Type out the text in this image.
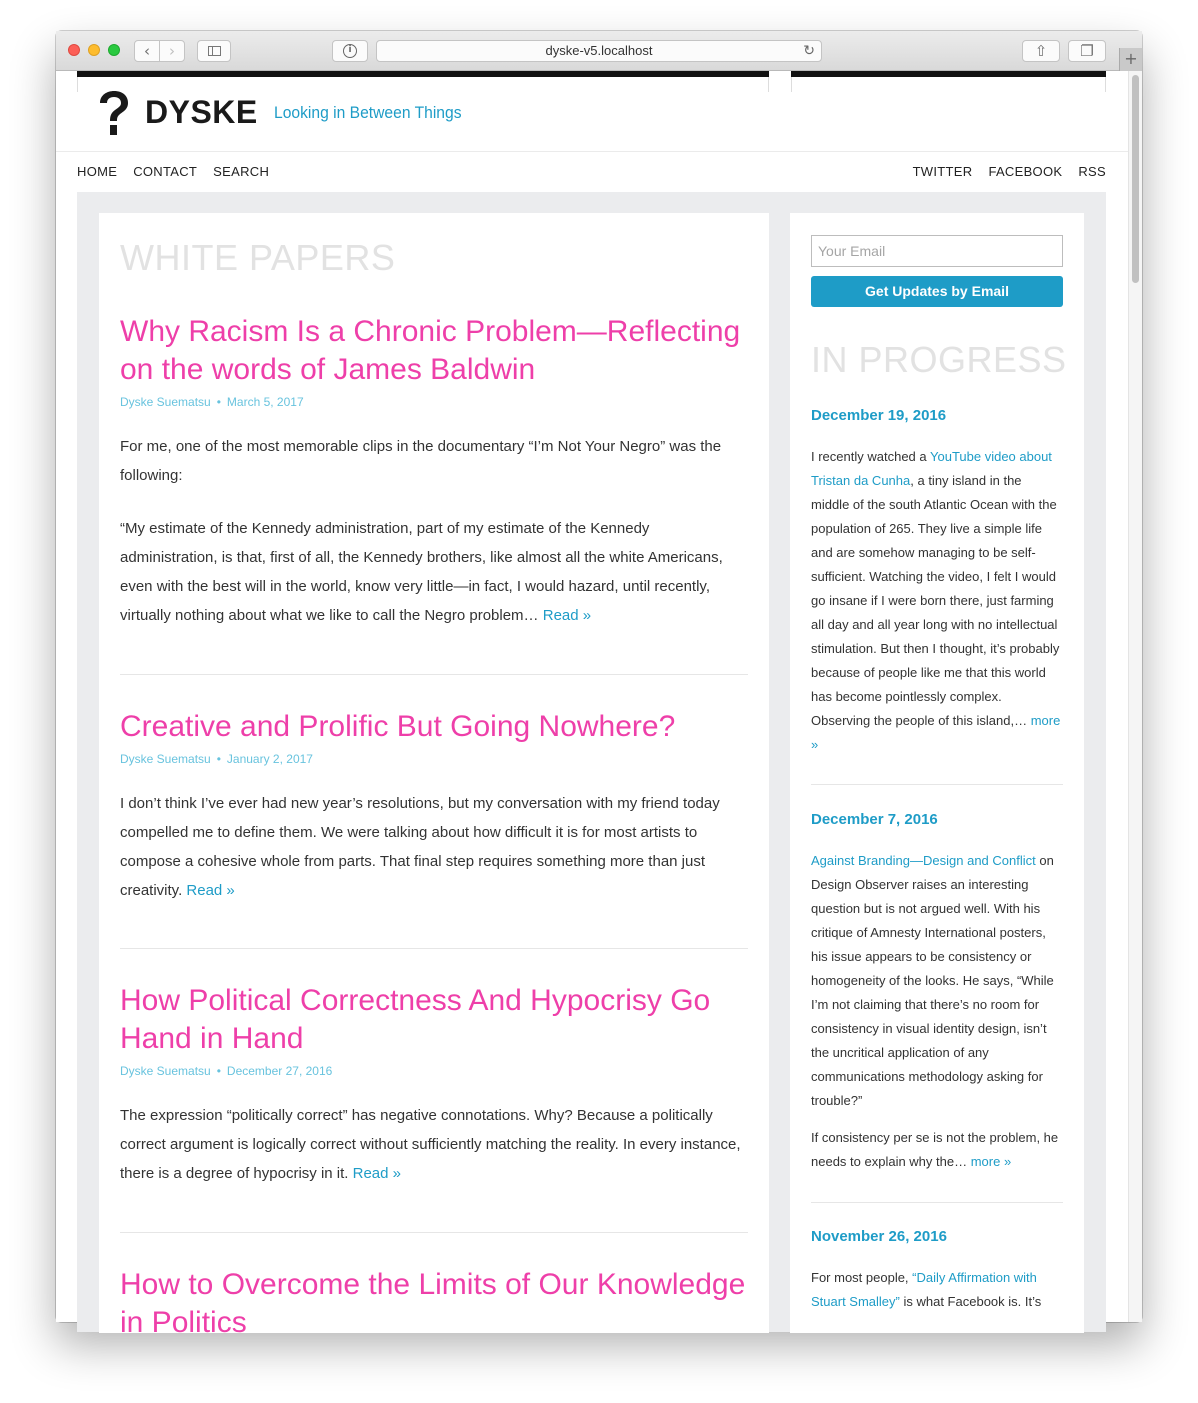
‹	›	i	dyske-v5.localhost	↻	⇧	❐	+
DYSKE Looking in Between Things
HOME CONTACT SEARCH	TWITTER FACEBOOK RSS
WHITE PAPERS
Why Racism Is a Chronic Problem—Reflecting on the words of James Baldwin
Dyske Suematsu • March 5, 2017

For me, one of the most memorable clips in the documentary “I’m Not Your Negro” was the following:

“My estimate of the Kennedy administration, part of my estimate of the Kennedy administration, is that, first of all, the Kennedy brothers, like almost all the white Americans, even with the best will in the world, know very little—in fact, I would hazard, until recently, virtually nothing about what we like to call the Negro problem… Read »

Creative and Prolific But Going Nowhere?
Dyske Suematsu • January 2, 2017

I don’t think I’ve ever had new year’s resolutions, but my conversation with my friend today compelled me to define them. We were talking about how difficult it is for most artists to compose a cohesive whole from parts. That final step requires something more than just creativity. Read »

How Political Correctness And Hypocrisy Go Hand in Hand
Dyske Suematsu • December 27, 2016

The expression “politically correct” has negative connotations. Why? Because a politically correct argument is logically correct without sufficiently matching the reality. In every instance, there is a degree of hypocrisy in it. Read »

How to Overcome the Limits of Our Knowledge in Politics
Your Email
Get Updates by Email
IN PROGRESS
December 19, 2016

I recently watched a YouTube video about Tristan da Cunha, a tiny island in the middle of the south Atlantic Ocean with the population of 265. They live a simple life and are somehow managing to be self-sufficient. Watching the video, I felt I would go insane if I were born there, just farming all day and all year long with no intellectual stimulation. But then I thought, it’s probably because of people like me that this world has become pointlessly complex. Observing the people of this island,… more »

December 7, 2016

Against Branding—Design and Conflict on Design Observer raises an interesting question but is not argued well. With his critique of Amnesty International posters, his issue appears to be consistency or homogeneity of the looks. He says, “While I’m not claiming that there’s no room for consistency in visual identity design, isn’t the uncritical application of any communications methodology asking for trouble?”

If consistency per se is not the problem, he needs to explain why the… more »

November 26, 2016

For most people, “Daily Affirmation with Stuart Smalley” is what Facebook is. It’s
